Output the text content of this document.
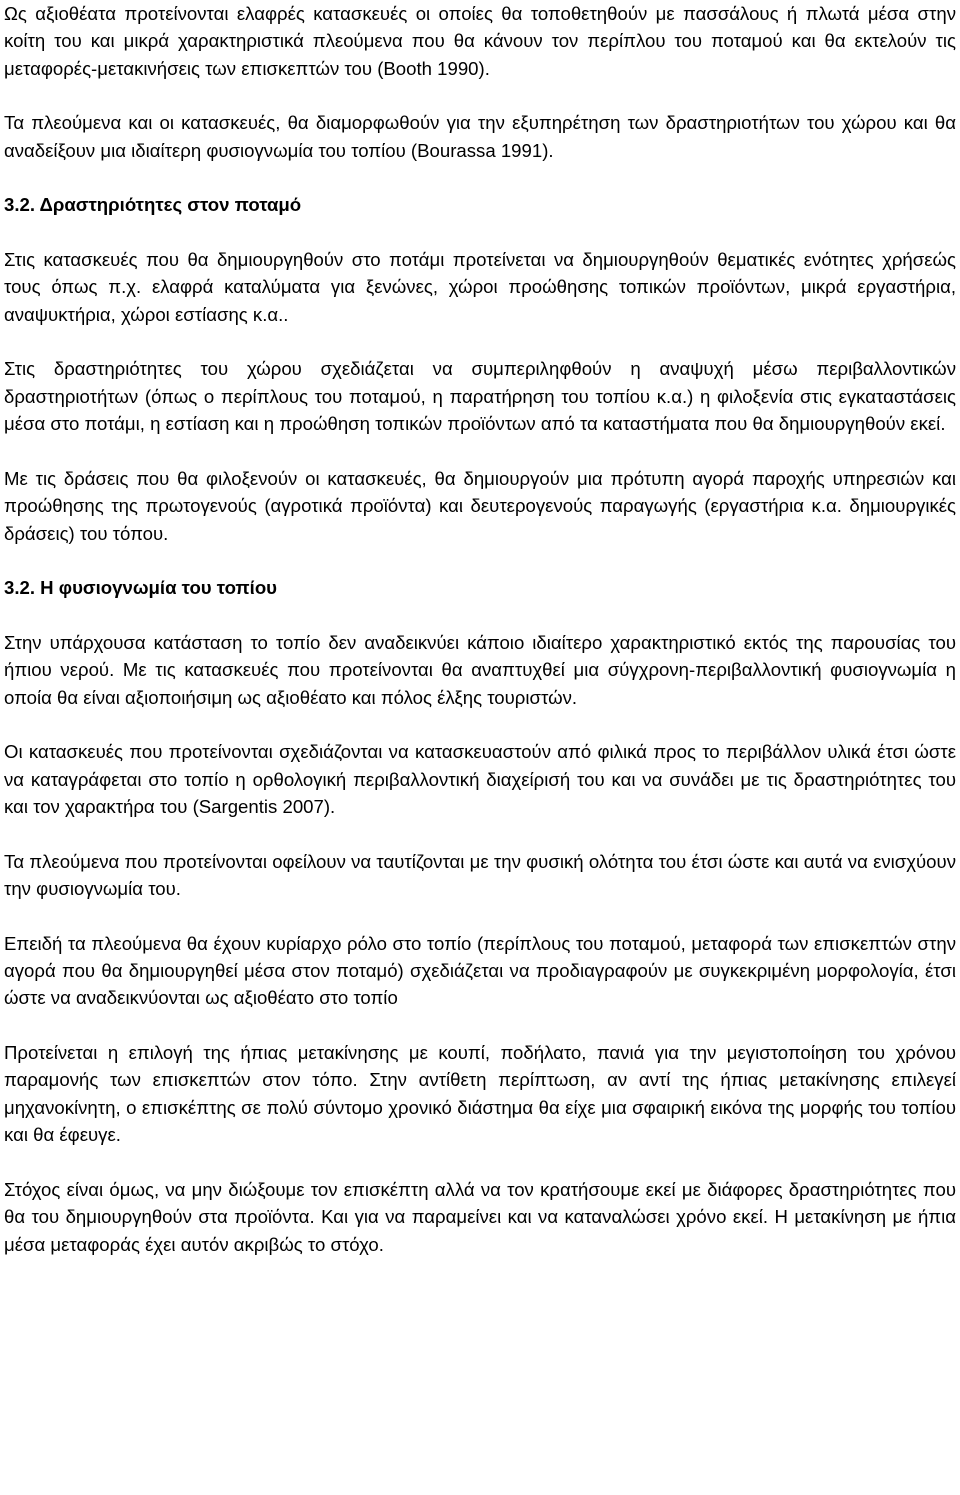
Ως αξιοθέατα προτείνονται ελαφρές κατασκευές οι οποίες θα τοποθετηθούν με πασσάλους ή πλωτά μέσα στην κοίτη του και μικρά χαρακτηριστικά πλεούμενα που θα κάνουν τον περίπλου του ποταμού και θα εκτελούν τις μεταφορές-μετακινήσεις των επισκεπτών του (Booth 1990).

Τα πλεούμενα και οι κατασκευές, θα διαμορφωθούν για την εξυπηρέτηση των δραστηριοτήτων του χώρου και θα αναδείξουν μια ιδιαίτερη φυσιογνωμία του τοπίου (Bourassa 1991).

3.2. Δραστηριότητες στον ποταμό

Στις κατασκευές που θα δημιουργηθούν στο ποτάμι προτείνεται να δημιουργηθούν θεματικές ενότητες χρήσεώς τους όπως π.χ. ελαφρά καταλύματα για ξενώνες, χώροι προώθησης τοπικών προϊόντων, μικρά εργαστήρια, αναψυκτήρια, χώροι εστίασης κ.α..

Στις δραστηριότητες του χώρου σχεδιάζεται να συμπεριληφθούν η αναψυχή μέσω περιβαλλοντικών δραστηριοτήτων (όπως ο περίπλους του ποταμού, η παρατήρηση του τοπίου κ.α.) η φιλοξενία στις εγκαταστάσεις μέσα στο ποτάμι, η εστίαση και η προώθηση τοπικών προϊόντων από τα καταστήματα που θα δημιουργηθούν εκεί.

Με τις δράσεις που θα φιλοξενούν οι κατασκευές, θα δημιουργούν μια πρότυπη αγορά παροχής υπηρεσιών και προώθησης της πρωτογενούς (αγροτικά προϊόντα) και δευτερογενούς παραγωγής (εργαστήρια κ.α. δημιουργικές δράσεις) του τόπου.

3.2. Η φυσιογνωμία του τοπίου

Στην υπάρχουσα κατάσταση το τοπίο δεν αναδεικνύει κάποιο ιδιαίτερο χαρακτηριστικό εκτός της παρουσίας του ήπιου νερού. Με τις κατασκευές που προτείνονται θα αναπτυχθεί μια σύγχρονη-περιβαλλοντική φυσιογνωμία η οποία θα είναι αξιοποιήσιμη ως αξιοθέατο και πόλος έλξης τουριστών.

Οι κατασκευές που προτείνονται σχεδιάζονται να κατασκευαστούν από φιλικά προς το περιβάλλον υλικά έτσι ώστε να καταγράφεται στο τοπίο η ορθολογική περιβαλλοντική διαχείρισή του και να συνάδει με τις δραστηριότητες του και τον χαρακτήρα του (Sargentis 2007).

Τα πλεούμενα που προτείνονται οφείλουν να ταυτίζονται με την φυσική ολότητα του έτσι ώστε και αυτά να ενισχύουν την φυσιογνωμία του.

Επειδή τα πλεούμενα θα έχουν κυρίαρχο ρόλο στο τοπίο (περίπλους του ποταμού, μεταφορά των επισκεπτών στην αγορά που θα δημιουργηθεί μέσα στον ποταμό) σχεδιάζεται να προδιαγραφούν με συγκεκριμένη μορφολογία, έτσι ώστε να αναδεικνύονται ως αξιοθέατο στο τοπίο

Προτείνεται η επιλογή της ήπιας μετακίνησης με κουπί, ποδήλατο, πανιά για την μεγιστοποίηση του χρόνου παραμονής των επισκεπτών στον τόπο. Στην αντίθετη περίπτωση, αν αντί της ήπιας μετακίνησης επιλεγεί μηχανοκίνητη, ο επισκέπτης σε πολύ σύντομο χρονικό διάστημα θα είχε μια σφαιρική εικόνα της μορφής του τοπίου και θα έφευγε.

Στόχος είναι όμως, να μην διώξουμε τον επισκέπτη αλλά να τον κρατήσουμε εκεί με διάφορες δραστηριότητες που θα του δημιουργηθούν στα προϊόντα. Και για να παραμείνει και να καταναλώσει χρόνο εκεί. Η μετακίνηση με ήπια μέσα μεταφοράς έχει αυτόν ακριβώς το στόχο.
